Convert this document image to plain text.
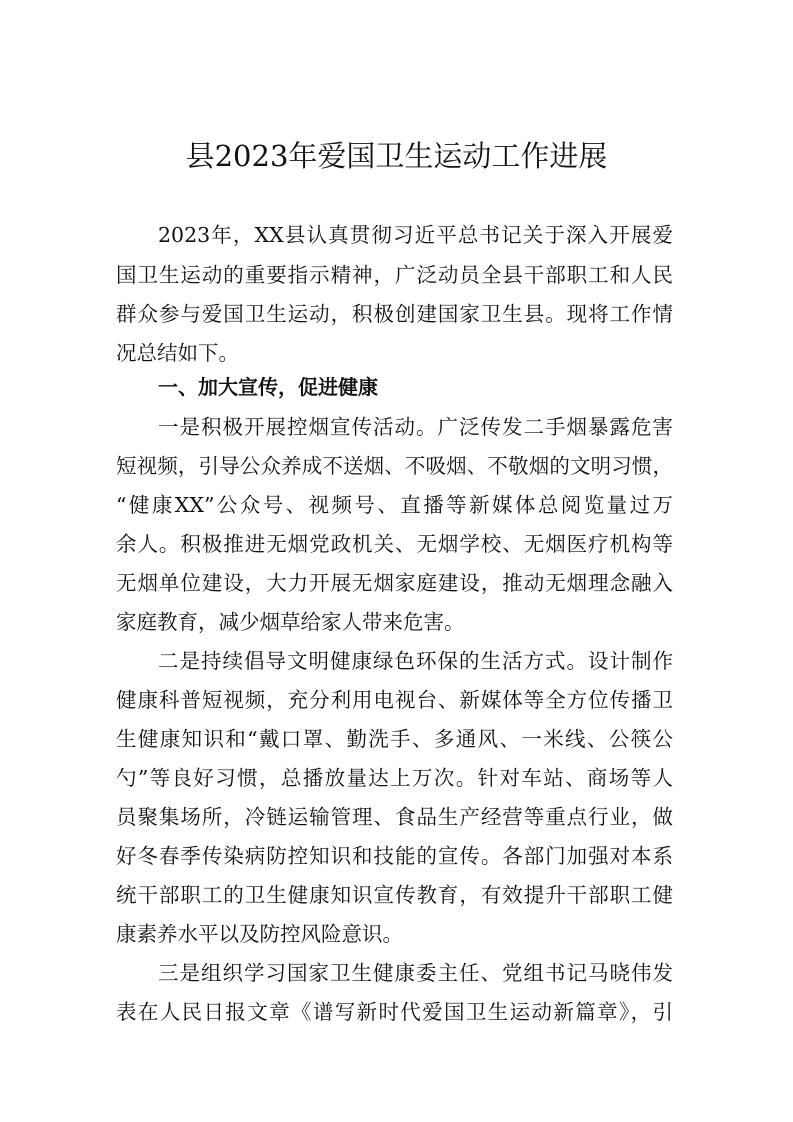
县2023年爱国卫生运动工作进展
2023年，XX县认真贯彻习近平总书记关于深入开展爱
国卫生运动的重要指示精神，广泛动员全县干部职工和人民
群众参与爱国卫生运动，积极创建国家卫生县。现将工作情
况总结如下。
一、加大宣传，促进健康
一是积极开展控烟宣传活动。广泛传发二手烟暴露危害
短视频，引导公众养成不送烟、不吸烟、不敬烟的文明习惯，
“健康XX”公众号、视频号、直播等新媒体总阅览量过万
余人。积极推进无烟党政机关、无烟学校、无烟医疗机构等
无烟单位建设，大力开展无烟家庭建设，推动无烟理念融入
家庭教育，减少烟草给家人带来危害。
二是持续倡导文明健康绿色环保的生活方式。设计制作
健康科普短视频，充分利用电视台、新媒体等全方位传播卫
生健康知识和“戴口罩、勤洗手、多通风、一米线、公筷公
勺”等良好习惯，总播放量达上万次。针对车站、商场等人
员聚集场所，冷链运输管理、食品生产经营等重点行业，做
好冬春季传染病防控知识和技能的宣传。各部门加强对本系
统干部职工的卫生健康知识宣传教育，有效提升干部职工健
康素养水平以及防控风险意识。
三是组织学习国家卫生健康委主任、党组书记马晓伟发
表在人民日报文章《谱写新时代爱国卫生运动新篇章》，引
